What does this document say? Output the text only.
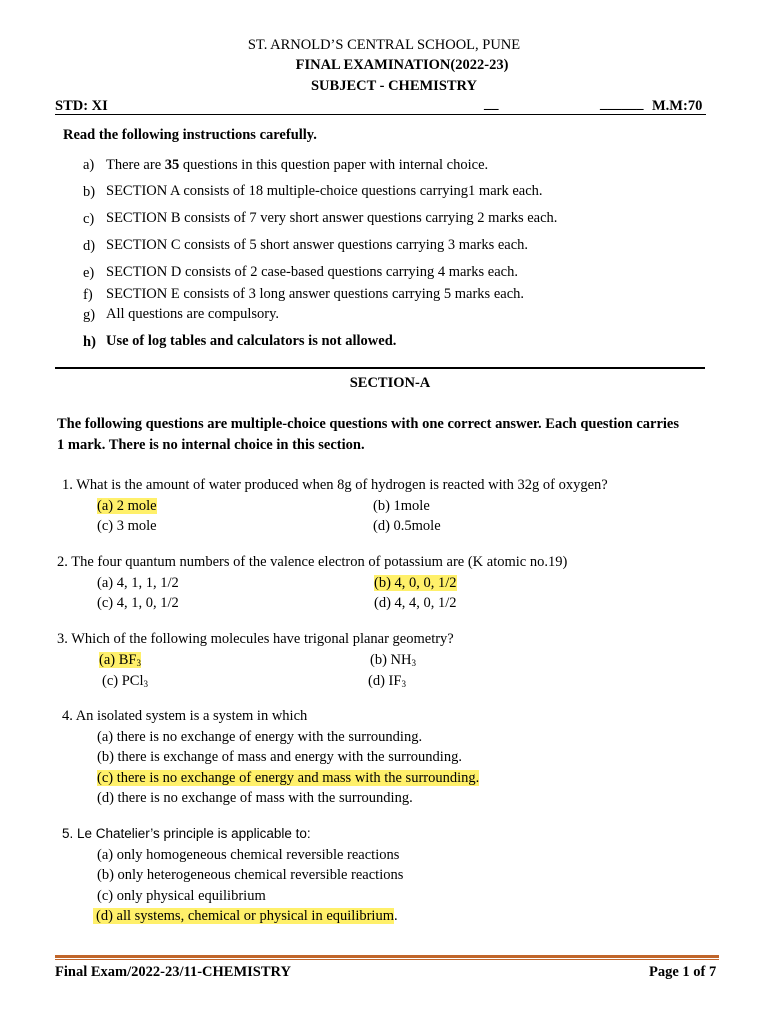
ST. ARNOLD’S CENTRAL SCHOOL, PUNE
FINAL EXAMINATION(2022-23)
SUBJECT - CHEMISTRY
STD: XI	__	______ M.M:70
Read the following instructions carefully.
a) There are 35 questions in this question paper with internal choice.
b) SECTION A consists of 18 multiple-choice questions carrying1 mark each.
c) SECTION B consists of 7 very short answer questions carrying 2 marks each.
d) SECTION C consists of 5 short answer questions carrying 3 marks each.
e) SECTION D consists of 2 case-based questions carrying 4 marks each.
f) SECTION E consists of 3 long answer questions carrying 5 marks each.
g) All questions are compulsory.
h) Use of log tables and calculators is not allowed.
SECTION-A
The following questions are multiple-choice questions with one correct answer. Each question carries
1 mark. There is no internal choice in this section.
1. What is the amount of water produced when 8g of hydrogen is reacted with 32g of oxygen?
(a) 2 mole	(b) 1mole
(c) 3 mole	(d) 0.5mole
2. The four quantum numbers of the valence electron of potassium are (K atomic no.19)
(a) 4, 1, 1, 1/2	(b) 4, 0, 0, 1/2
(c) 4, 1, 0, 1/2	(d) 4, 4, 0, 1/2
3. Which of the following molecules have trigonal planar geometry?
(a) $BF_3$	(b) $NH_3$
(c) PCl$_3$	(d) $IF_3$
4. An isolated system is a system in which
(a) there is no exchange of energy with the surrounding.
(b) there is exchange of mass and energy with the surrounding.
(c) there is no exchange of energy and mass with the surrounding.
(d) there is no exchange of mass with the surrounding.
5. Le Chatelier’s principle is applicable to:
(a) only homogeneous chemical reversible reactions
(b) only heterogeneous chemical reversible reactions
(c) only physical equilibrium
(d) all systems, chemical or physical in equilibrium.
Final Exam/2022-23/11-CHEMISTRY	Page 1 of 7
